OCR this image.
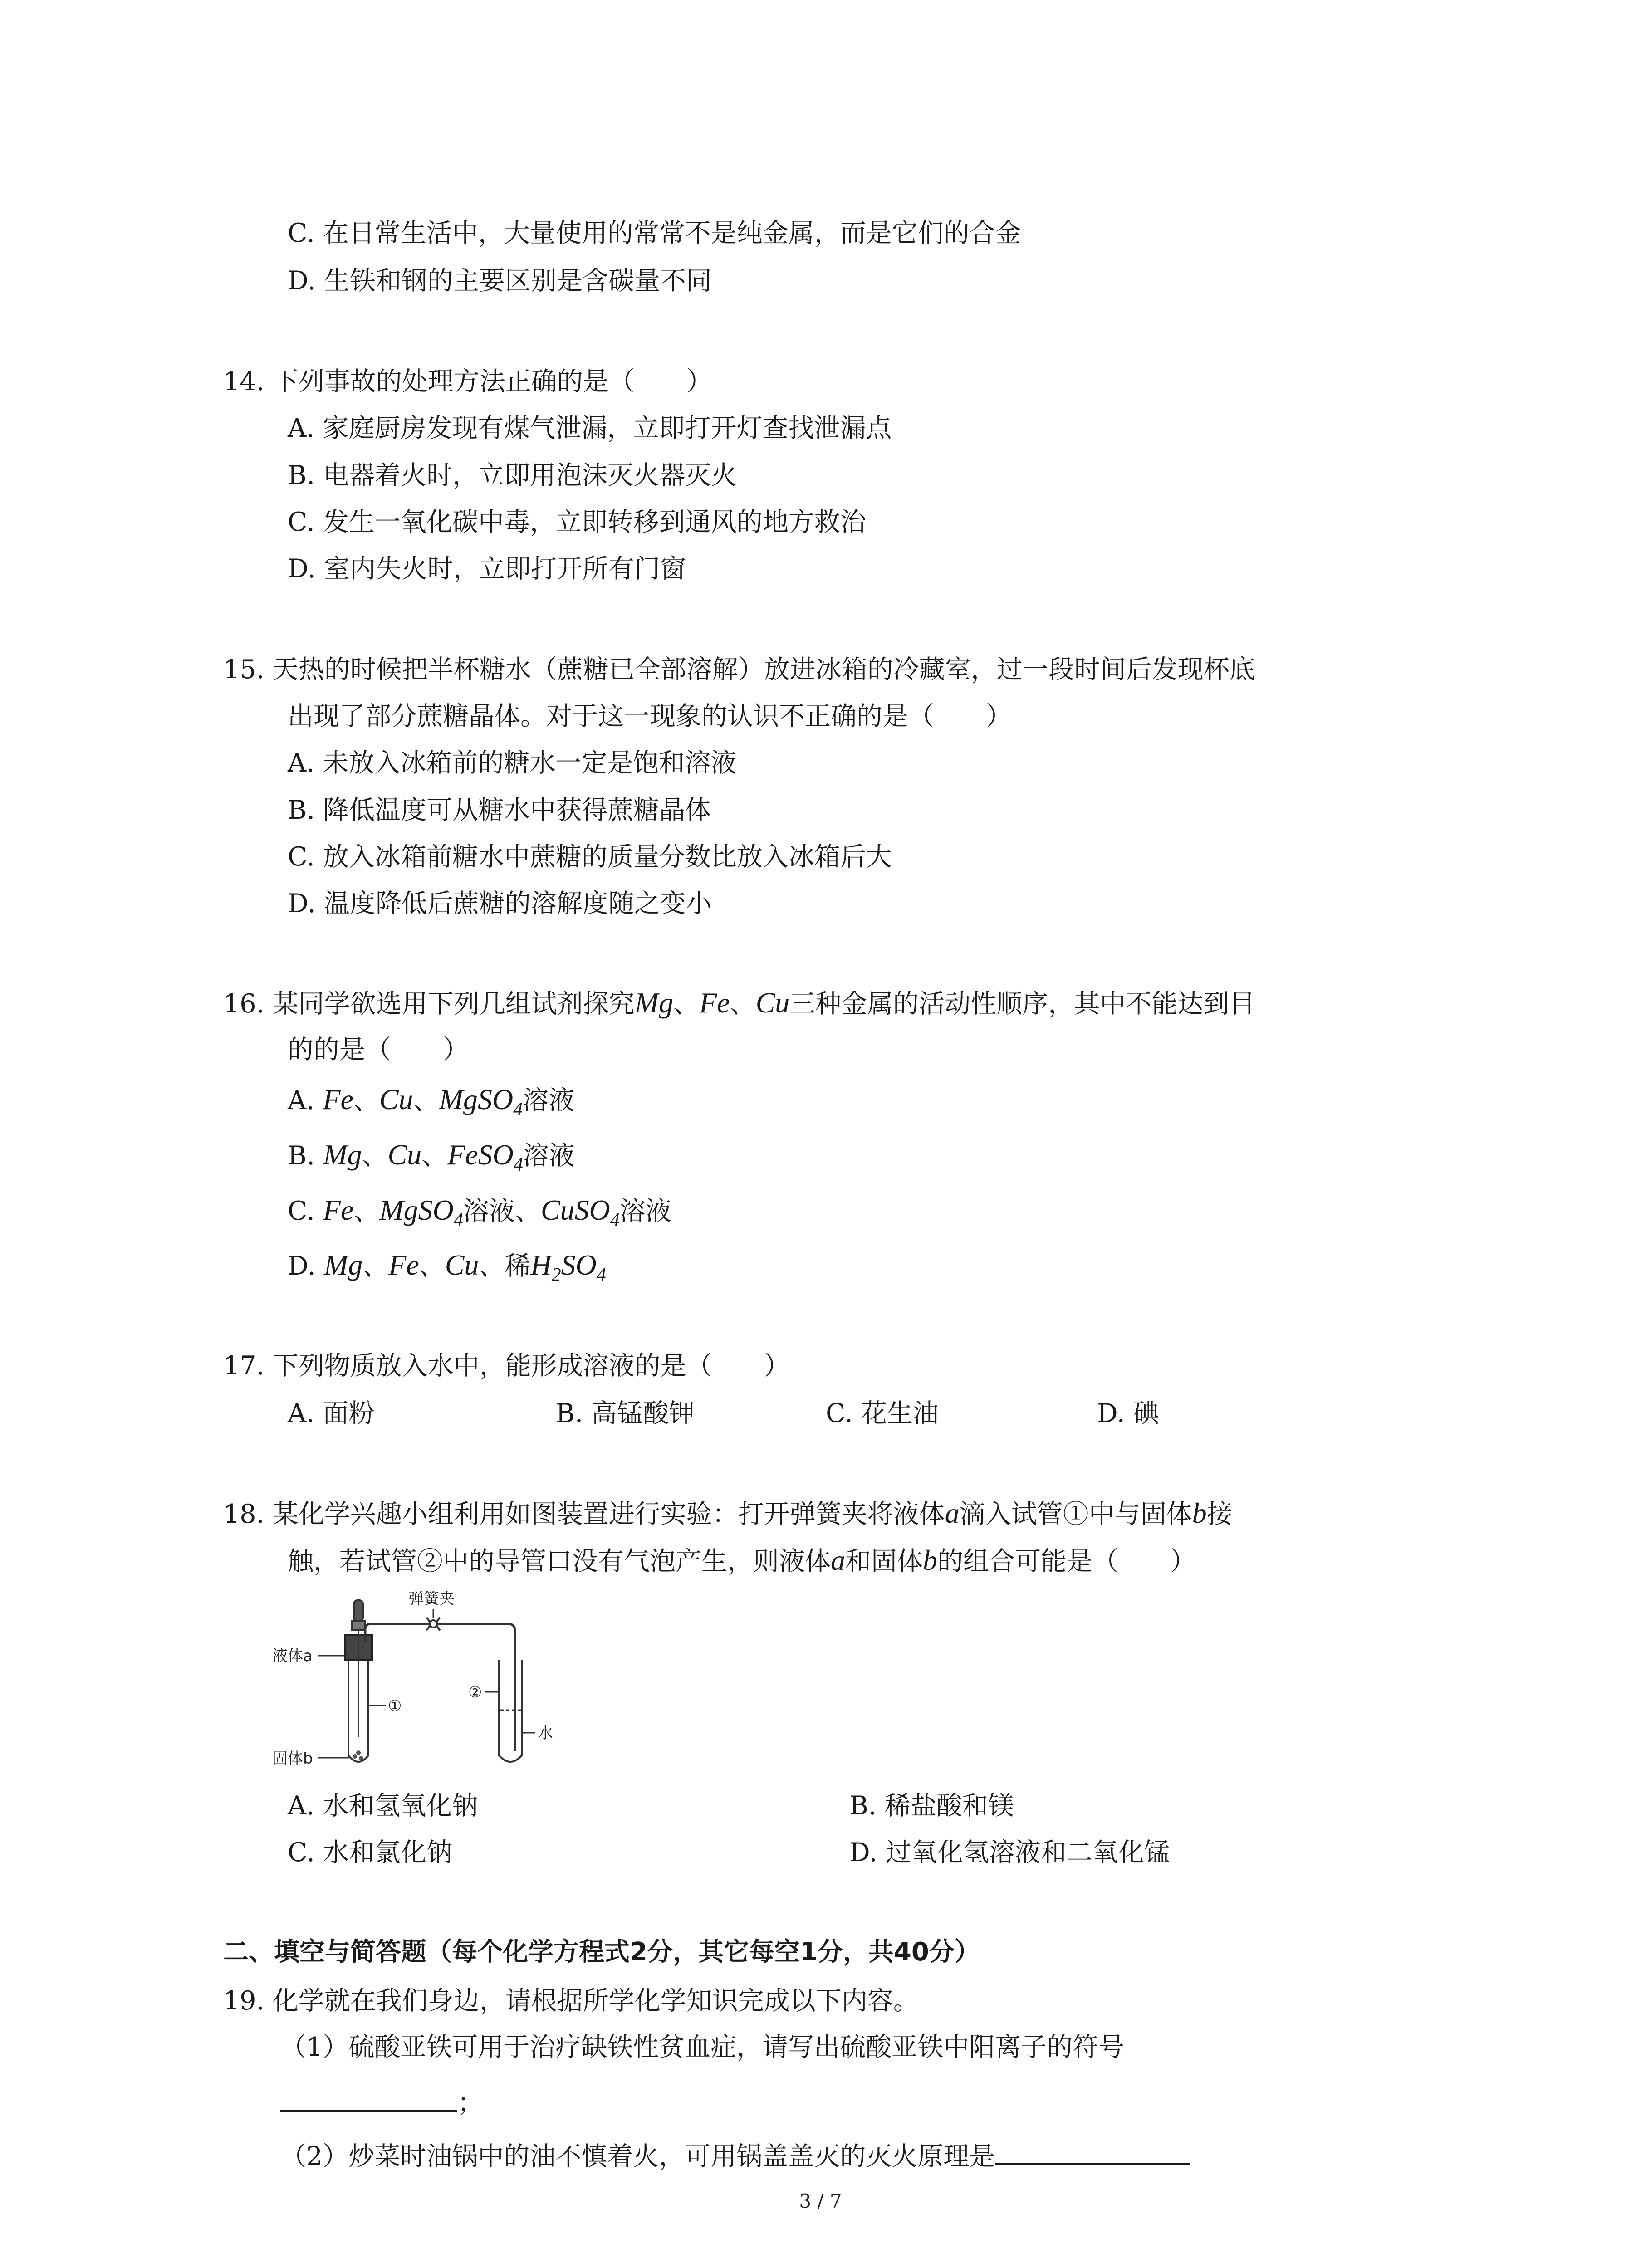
C. 在日常生活中，大量使用的常常不是纯金属，而是它们的合金
D. 生铁和钢的主要区别是含碳量不同
14. 下列事故的处理方法正确的是（　　）
A. 家庭厨房发现有煤气泄漏，立即打开灯查找泄漏点
B. 电器着火时，立即用泡沫灭火器灭火
C. 发生一氧化碳中毒，立即转移到通风的地方救治
D. 室内失火时，立即打开所有门窗
15. 天热的时候把半杯糖水（蔗糖已全部溶解）放进冰箱的冷藏室，过一段时间后发现杯底
出现了部分蔗糖晶体。对于这一现象的认识不正确的是（　　）
A. 未放入冰箱前的糖水一定是饱和溶液
B. 降低温度可从糖水中获得蔗糖晶体
C. 放入冰箱前糖水中蔗糖的质量分数比放入冰箱后大
D. 温度降低后蔗糖的溶解度随之变小
16. 某同学欲选用下列几组试剂探究Mg、Fe、Cu三种金属的活动性顺序，其中不能达到目
的的是（　　）
A. Fe、Cu、MgSO$_4$溶液
B. Mg、Cu、FeSO$_4$溶液
C. Fe、MgSO$_4$溶液、CuSO$_4$溶液
D. Mg、Fe、Cu、稀$H_2SO_4$
17. 下列物质放入水中，能形成溶液的是（　　）
A. 面粉	B. 高锰酸钾	C. 花生油	D. 碘
18. 某化学兴趣小组利用如图装置进行实验：打开弹簧夹将液体a滴入试管①中与固体b接
触，若试管②中的导管口没有气泡产生，则液体a和固体b的组合可能是（　　）
弹簧夹
液体a
①
②
水
固体b
A. 水和氢氧化钠	B. 稀盐酸和镁
C. 水和氯化钠	D. 过氧化氢溶液和二氧化锰
二、填空与简答题（每个化学方程式2分，其它每空1分，共40分）
19. 化学就在我们身边，请根据所学化学知识完成以下内容。
（1）硫酸亚铁可用于治疗缺铁性贫血症，请写出硫酸亚铁中阳离子的符号
；
（2）炒菜时油锅中的油不慎着火，可用锅盖盖灭的灭火原理是
3 / 7
